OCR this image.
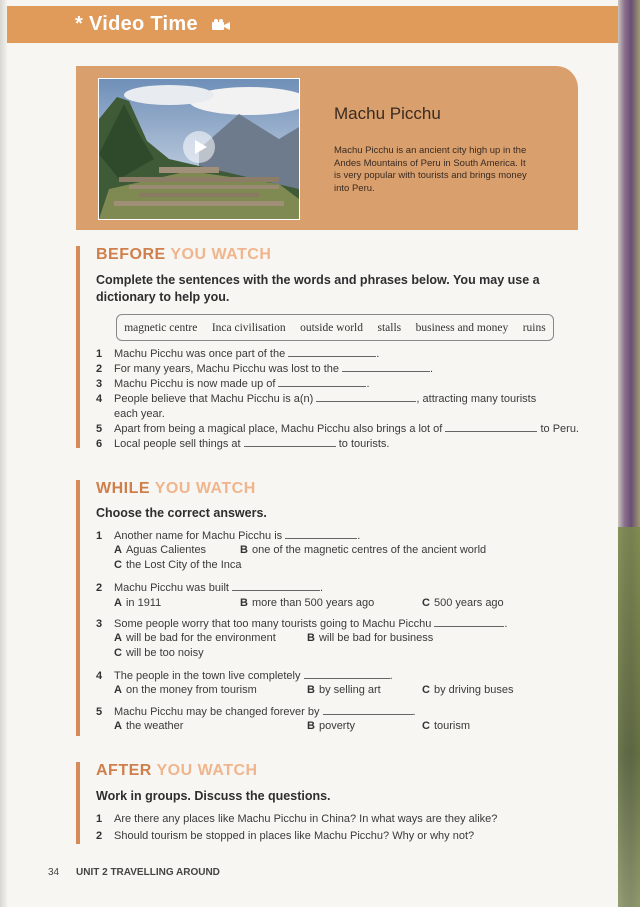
* Video Time
Machu Picchu
Machu Picchu is an ancient city high up in the Andes Mountains of Peru in South America. It is very popular with tourists and brings money into Peru.
BEFORE YOU WATCH
Complete the sentences with the words and phrases below. You may use a dictionary to help you.
magnetic centre Inca civilisation outside world stalls business and money ruins
1 Machu Picchu was once part of the	.
2 For many years, Machu Picchu was lost to the	.
3 Machu Picchu is now made up of	.
4 People believe that Machu Picchu is a(n)	, attracting many tourists
each year.
5 Apart from being a magical place, Machu Picchu also brings a lot of	to Peru.
6 Local people sell things at	to tourists.
WHILE YOU WATCH
Choose the correct answers.
1 Another name for Machu Picchu is	.
A Aguas Calientes	B one of the magnetic centres of the ancient world
C the Lost City of the Inca
2 Machu Picchu was built	.
A in 1911	B more than 500 years ago	C 500 years ago
3 Some people worry that too many tourists going to Machu Picchu	.
A will be bad for the environment	B will be bad for business
C will be too noisy
4 The people in the town live completely	.
A on the money from tourism	B by selling art	C by driving buses
5 Machu Picchu may be changed forever by	.
A the weather	B poverty	C tourism
AFTER YOU WATCH
Work in groups. Discuss the questions.
1 Are there any places like Machu Picchu in China? In what ways are they alike?
2 Should tourism be stopped in places like Machu Picchu? Why or why not?
34 UNIT 2 TRAVELLING AROUND
